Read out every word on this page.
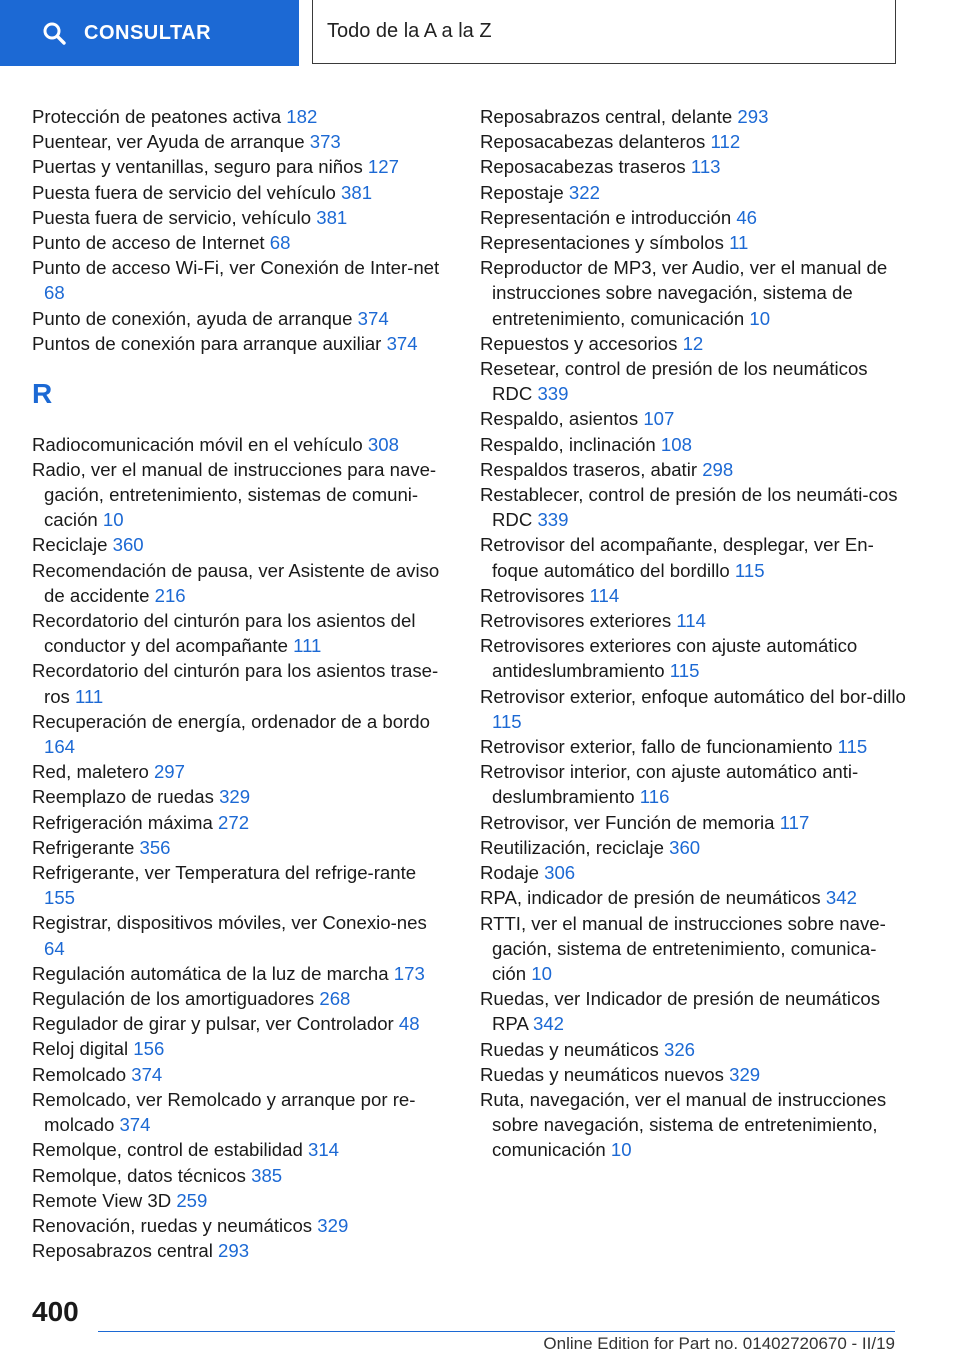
CONSULTAR	Todo de la A a la Z

Protección de peatones activa 182

Puentear, ver Ayuda de arranque 373

Puertas y ventanillas, seguro para niños 127

Puesta fuera de servicio del vehículo 381

Puesta fuera de servicio, vehículo 381

Punto de acceso de Internet 68

Punto de acceso Wi-Fi, ver Conexión de Inter‐net 68

Punto de conexión, ayuda de arranque 374

Puntos de conexión para arranque auxiliar 374

R

Radiocomunicación móvil en el vehículo 308

Radio, ver el manual de instrucciones para nave‐gación, entretenimiento, sistemas de comuni‐cación 10

Reciclaje 360

Recomendación de pausa, ver Asistente de aviso de accidente 216

Recordatorio del cinturón para los asientos del conductor y del acompañante 111

Recordatorio del cinturón para los asientos trase‐ros 111

Recuperación de energía, ordenador de a bordo 164

Red, maletero 297

Reemplazo de ruedas 329

Refrigeración máxima 272

Refrigerante 356

Refrigerante, ver Temperatura del refrige‐rante 155

Registrar, dispositivos móviles, ver Conexio‐nes 64

Regulación automática de la luz de marcha 173

Regulación de los amortiguadores 268

Regulador de girar y pulsar, ver Controlador 48

Reloj digital 156

Remolcado 374

Remolcado, ver Remolcado y arranque por re‐molcado 374

Remolque, control de estabilidad 314

Remolque, datos técnicos 385

Remote View 3D 259

Renovación, ruedas y neumáticos 329

Reposabrazos central 293

Reposabrazos central, delante 293

Reposacabezas delanteros 112

Reposacabezas traseros 113

Repostaje 322

Representación e introducción 46

Representaciones y símbolos 11

Reproductor de MP3, ver Audio, ver el manual de instrucciones sobre navegación, sistema de entretenimiento, comunicación 10

Repuestos y accesorios 12

Resetear, control de presión de los neumáticos RDC 339

Respaldo, asientos 107

Respaldo, inclinación 108

Respaldos traseros, abatir 298

Restablecer, control de presión de los neumáti‐cos RDC 339

Retrovisor del acompañante, desplegar, ver En‐foque automático del bordillo 115

Retrovisores 114

Retrovisores exteriores 114

Retrovisores exteriores con ajuste automático antideslumbramiento 115

Retrovisor exterior, enfoque automático del bor‐dillo 115

Retrovisor exterior, fallo de funcionamiento 115

Retrovisor interior, con ajuste automático anti‐deslumbramiento 116

Retrovisor, ver Función de memoria 117

Reutilización, reciclaje 360

Rodaje 306

RPA, indicador de presión de neumáticos 342

RTTI, ver el manual de instrucciones sobre nave‐gación, sistema de entretenimiento, comunica‐ción 10

Ruedas, ver Indicador de presión de neumáticos RPA 342

Ruedas y neumáticos 326

Ruedas y neumáticos nuevos 329

Ruta, navegación, ver el manual de instrucciones sobre navegación, sistema de entretenimiento, comunicación 10

400
Online Edition for Part no. 01402720670 - II/19
